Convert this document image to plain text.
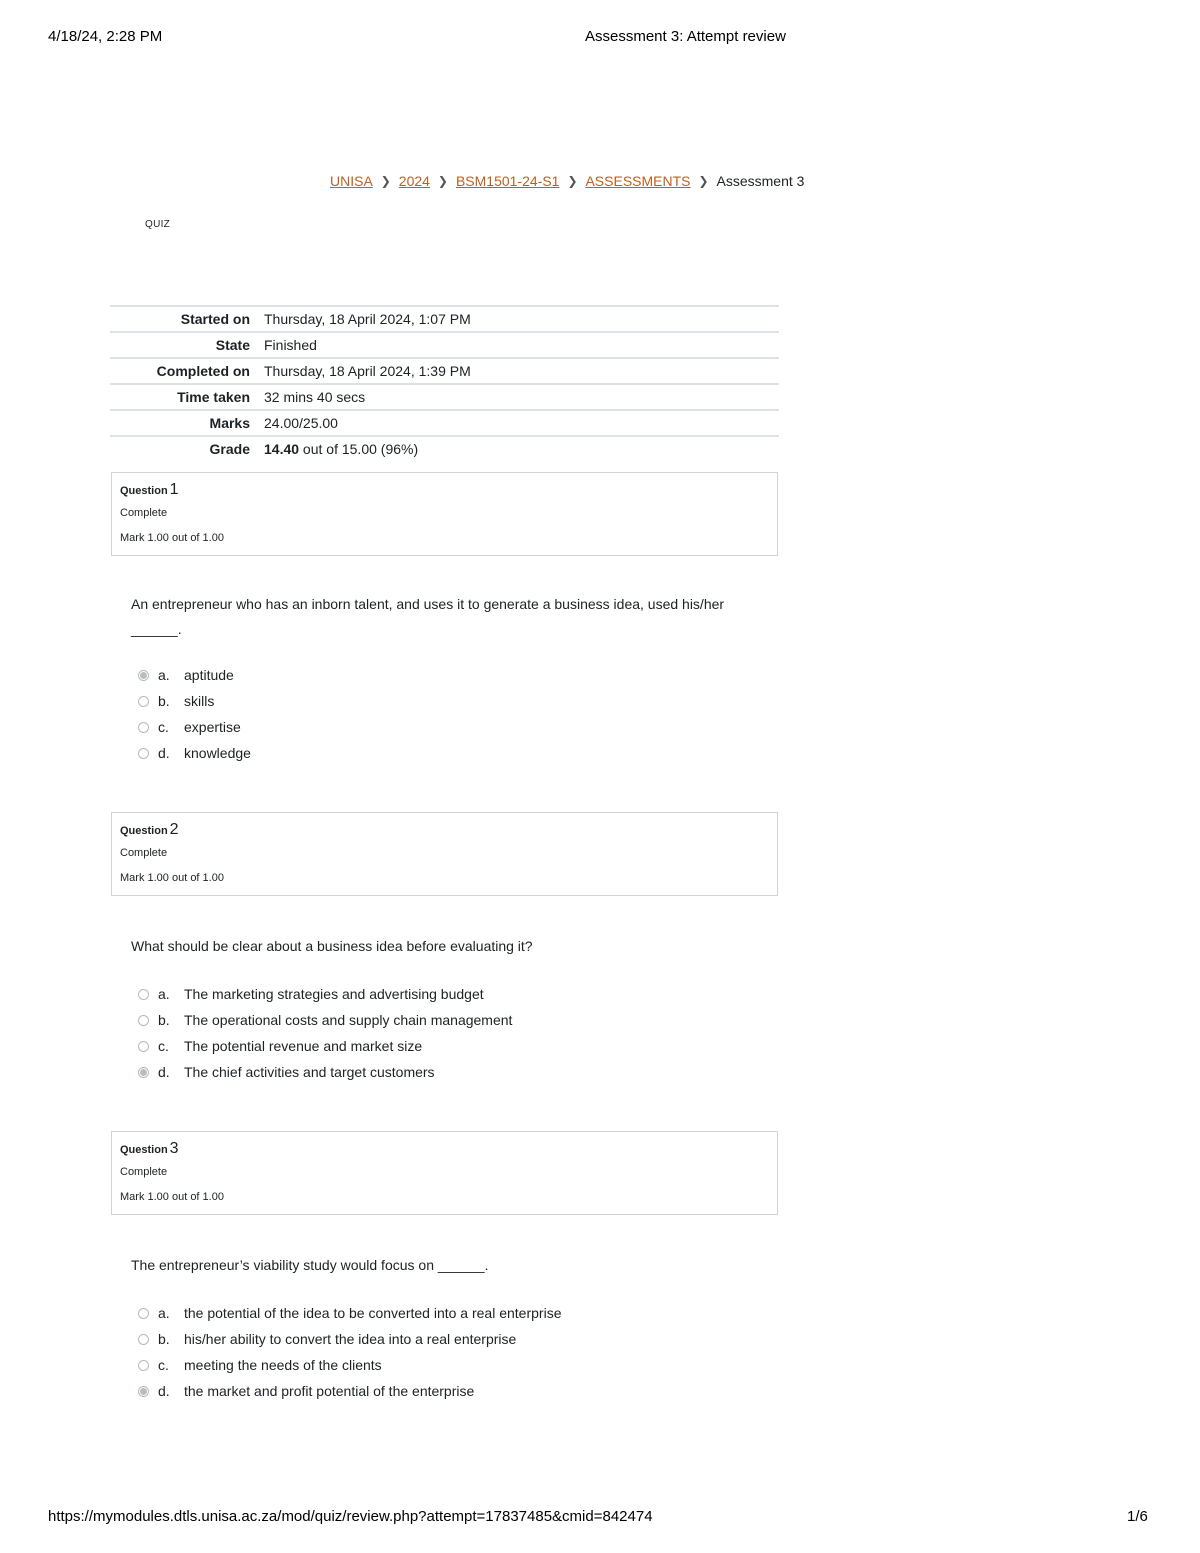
4/18/24, 2:28 PM	Assessment 3: Attempt review
UNISA ❯ 2024 ❯ BSM1501-24-S1 ❯ ASSESSMENTS ❯ Assessment 3
QUIZ
Started on	Thursday, 18 April 2024, 1:07 PM
State	Finished
Completed on	Thursday, 18 April 2024, 1:39 PM
Time taken	32 mins 40 secs
Marks	24.00/25.00
Grade	14.40 out of 15.00 (96%)
Question 1
Complete
Mark 1.00 out of 1.00
An entrepreneur who has an inborn talent, and uses it to generate a business idea, used his/her ______.
a.	aptitude
b.	skills
c.	expertise
d.	knowledge
Question 2
Complete
Mark 1.00 out of 1.00
What should be clear about a business idea before evaluating it?
a.	The marketing strategies and advertising budget
b.	The operational costs and supply chain management
c.	The potential revenue and market size
d.	The chief activities and target customers
Question 3
Complete
Mark 1.00 out of 1.00
The entrepreneur’s viability study would focus on ______.
a.	the potential of the idea to be converted into a real enterprise
b.	his/her ability to convert the idea into a real enterprise
c.	meeting the needs of the clients
d.	the market and profit potential of the enterprise
https://mymodules.dtls.unisa.ac.za/mod/quiz/review.php?attempt=17837485&cmid=842474	1/6
